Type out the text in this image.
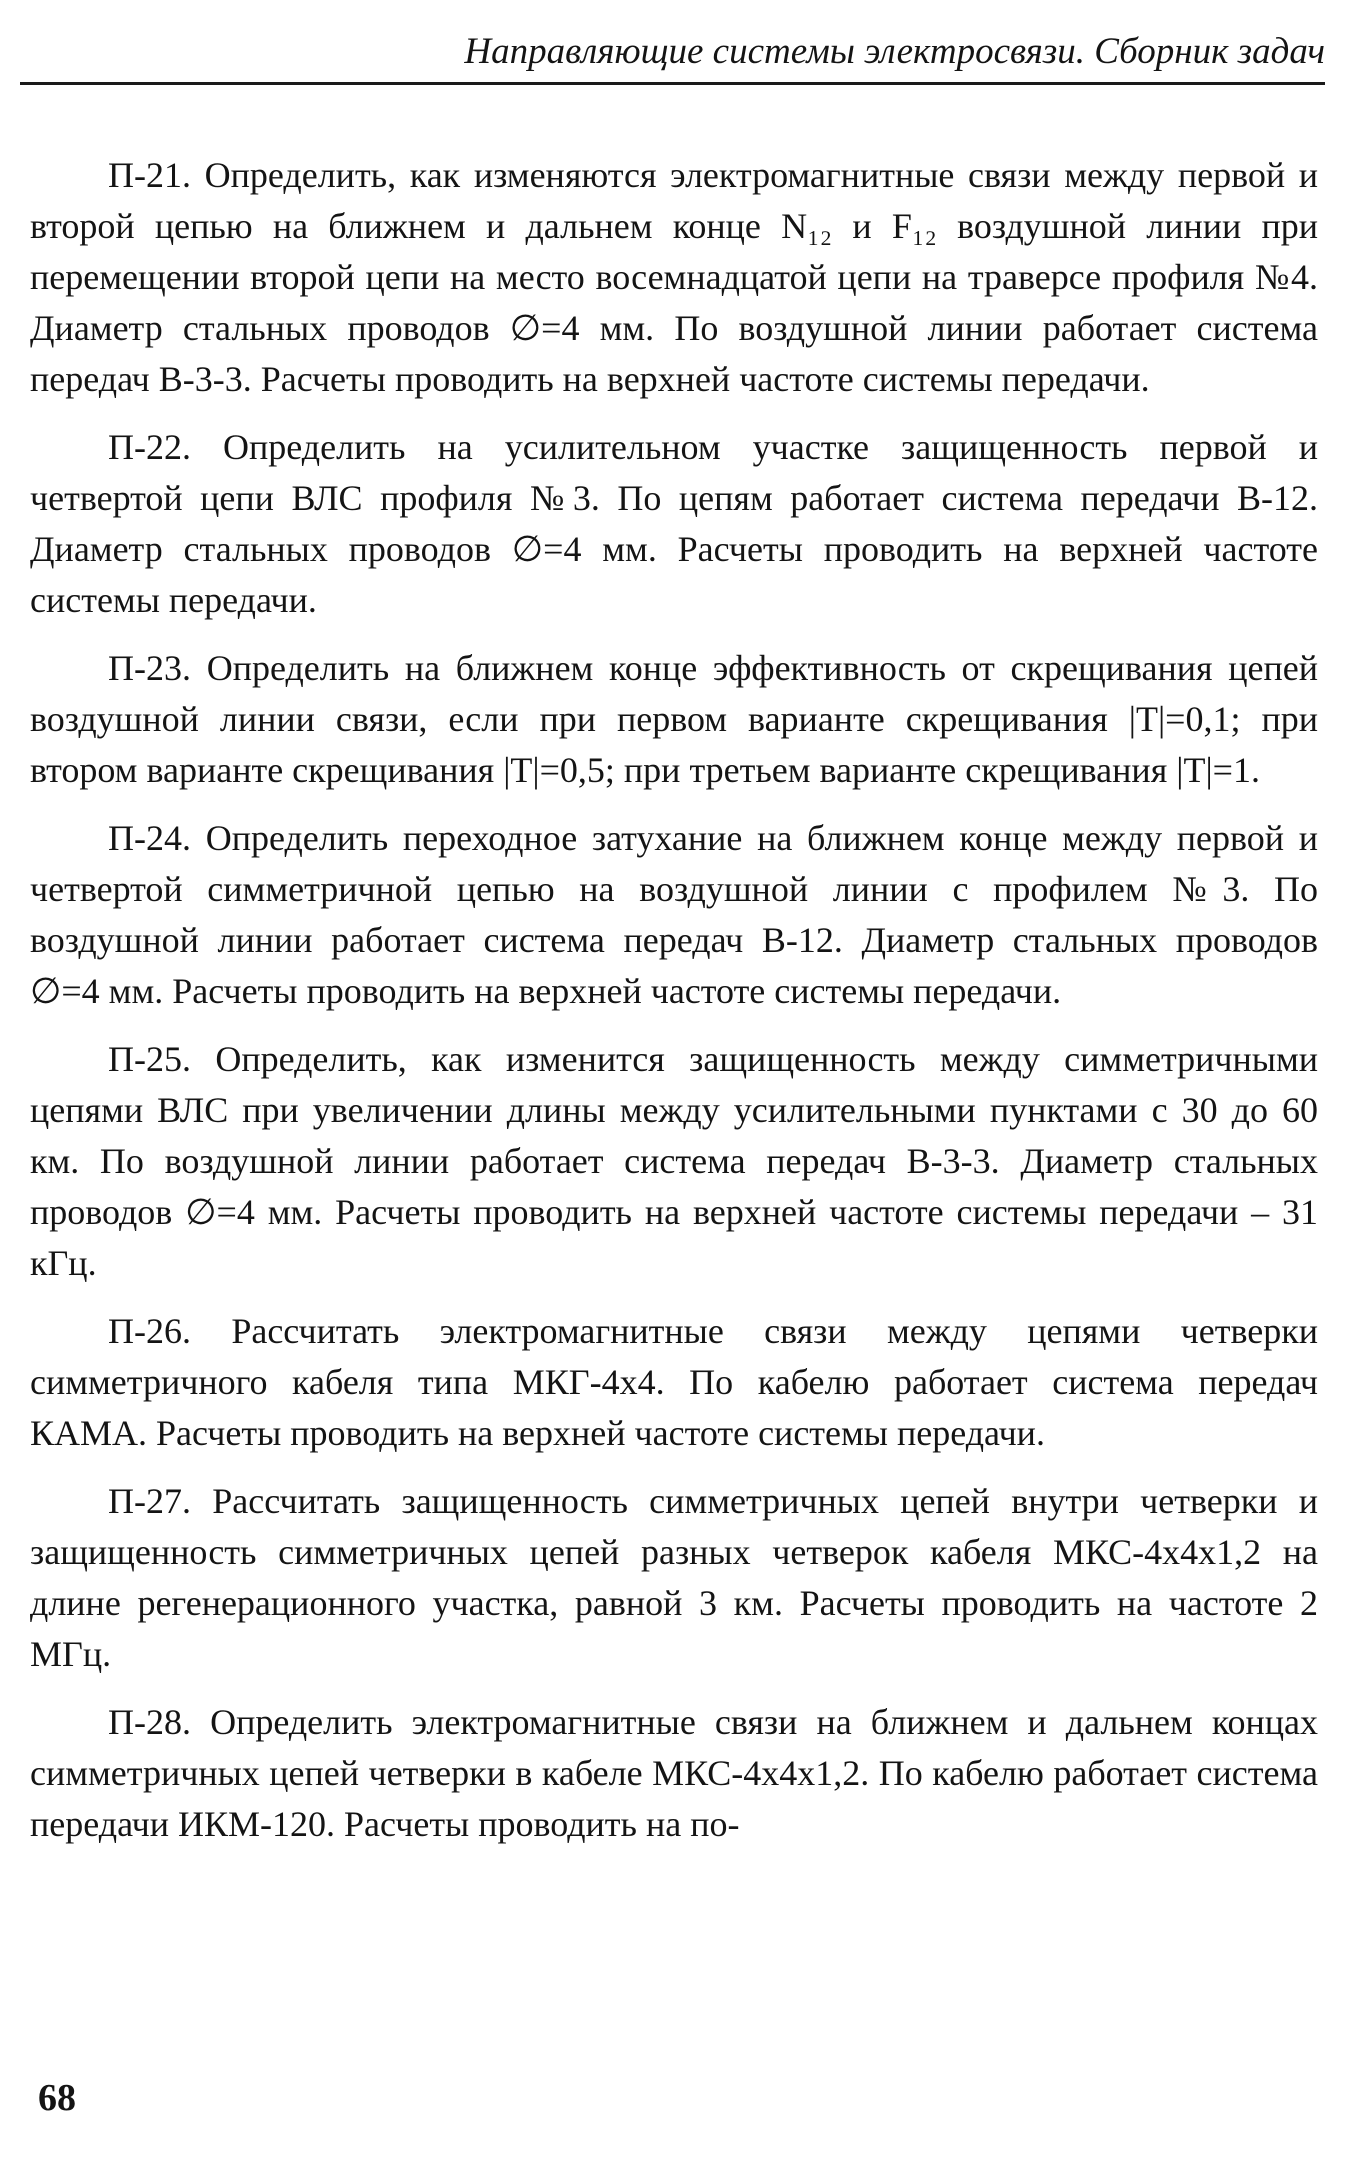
Направляющие системы электросвязи. Сборник задач

П-21. Определить, как изменяются электромагнитные связи между первой и второй цепью на ближнем и дальнем конце N₁₂ и F₁₂ воздушной линии при перемещении второй цепи на место восемнадцатой цепи на траверсе профиля №4. Диаметр стальных проводов ∅=4 мм. По воздушной линии работает система передач В-3-3. Расчеты проводить на верхней частоте системы передачи.

П-22. Определить на усилительном участке защищенность первой и четвертой цепи ВЛС профиля №3. По цепям работает система передачи В-12. Диаметр стальных проводов ∅=4 мм. Расчеты проводить на верхней частоте системы передачи.

П-23. Определить на ближнем конце эффективность от скрещивания цепей воздушной линии связи, если при первом варианте скрещивания |T|=0,1; при втором варианте скрещивания |T|=0,5; при третьем варианте скрещивания |T|=1.

П-24. Определить переходное затухание на ближнем конце между первой и четвертой симметричной цепью на воздушной линии с профилем №3. По воздушной линии работает система передач В-12. Диаметр стальных проводов ∅=4 мм. Расчеты проводить на верхней частоте системы передачи.

П-25. Определить, как изменится защищенность между симметричными цепями ВЛС при увеличении длины между усилительными пунктами с 30 до 60 км. По воздушной линии работает система передач В-3-3. Диаметр стальных проводов ∅=4 мм. Расчеты проводить на верхней частоте системы передачи – 31 кГц.

П-26. Рассчитать электромагнитные связи между цепями четверки симметричного кабеля типа МКГ-4x4. По кабелю работает система передач КАМА. Расчеты проводить на верхней частоте системы передачи.

П-27. Рассчитать защищенность симметричных цепей внутри четверки и защищенность симметричных цепей разных четверок кабеля МКС-4x4x1,2 на длине регенерационного участка, равной 3 км. Расчеты проводить на частоте 2 МГц.

П-28. Определить электромагнитные связи на ближнем и дальнем концах симметричных цепей четверки в кабеле МКС-4x4x1,2. По кабелю работает система передачи ИКМ-120. Расчеты проводить на по-

68
